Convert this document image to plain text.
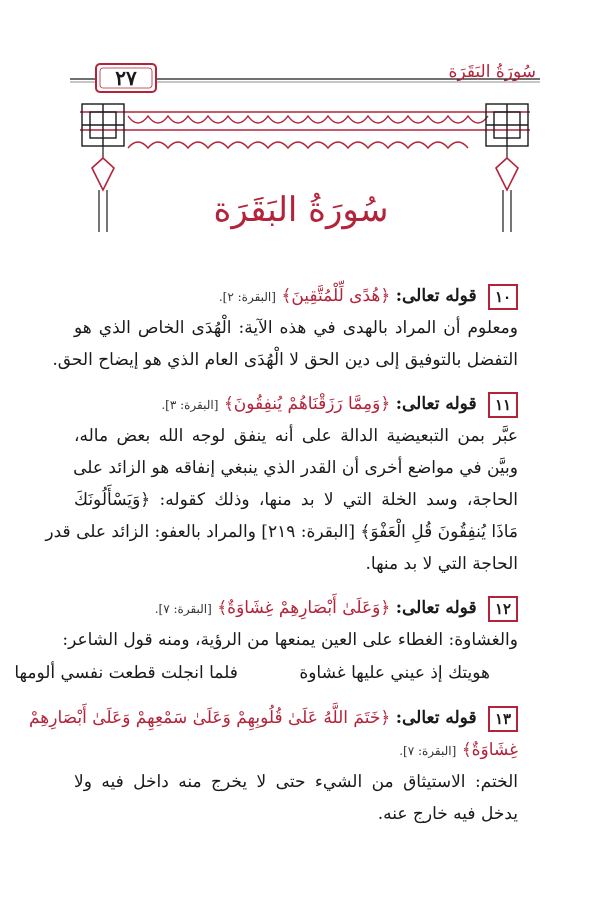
٢٧	سُورَةُ البَقَرَة
سُورَةُ البَقَرَة
١٠ قوله تعالى: ﴿هُدًى لِّلْمُتَّقِينَ﴾ [البقرة: ٢].
ومعلوم أن المراد بالهدى في هذه الآية: الْهُدَى الخاص الذي هو
التفضل بالتوفيق إلى دين الحق لا الْهُدَى العام الذي هو إيضاح الحق.
١١ قوله تعالى: ﴿وَمِمَّا رَزَقْنَاهُمْ يُنفِقُونَ﴾ [البقرة: ٣].
عبَّر بمن التبعيضية الدالة على أنه ينفق لوجه الله بعض ماله،
وبيَّن في مواضع أخرى أن القدر الذي ينبغي إنفاقه هو الزائد على
الحاجة، وسد الخلة التي لا بد منها، وذلك كقوله: ﴿وَيَسْأَلُونَكَ
مَاذَا يُنفِقُونَ قُلِ الْعَفْوَ﴾ [البقرة: ٢١٩] والمراد بالعفو: الزائد على قدر
الحاجة التي لا بد منها.
١٢ قوله تعالى: ﴿وَعَلَىٰ أَبْصَارِهِمْ غِشَاوَةٌ﴾ [البقرة: ٧].
والغشاوة: الغطاء على العين يمنعها من الرؤية، ومنه قول الشاعر:
هويتك إذ عيني عليها غشاوة فلما انجلت قطعت نفسي ألومها
١٣ قوله تعالى: ﴿خَتَمَ اللَّهُ عَلَىٰ قُلُوبِهِمْ وَعَلَىٰ سَمْعِهِمْ وَعَلَىٰ أَبْصَارِهِمْ
غِشَاوَةٌ﴾ [البقرة: ٧].
الختم: الاستيثاق من الشيء حتى لا يخرج منه داخل فيه ولا
يدخل فيه خارج عنه.
